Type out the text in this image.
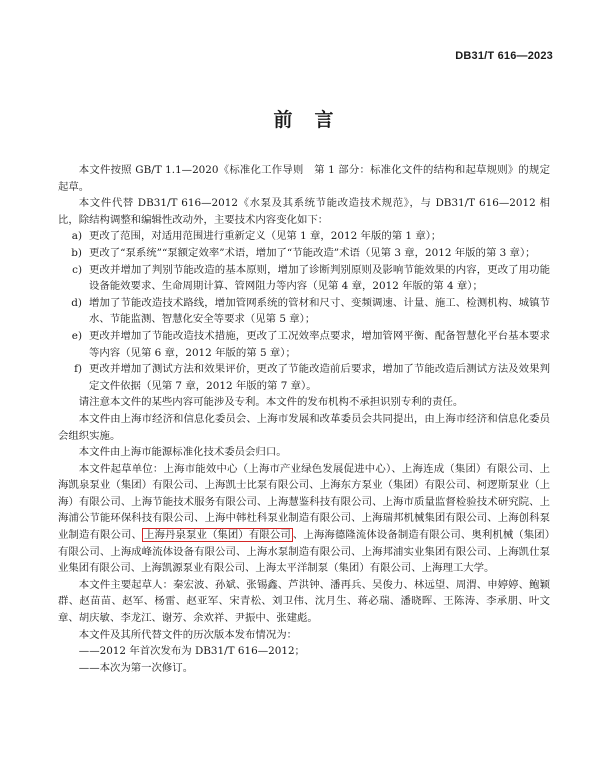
DB31/T 616—2023
前言

本文件按照 GB/T 1.1—2020《标准化工作导则　第 1 部分：标准化文件的结构和起草规则》的规定起草。

本文件代替 DB31/T 616—2012《水泵及其系统节能改造技术规范》，与 DB31/T 616—2012 相比，除结构调整和编辑性改动外，主要技术内容变化如下：

a) 更改了范围，对适用范围进行重新定义（见第 1 章，2012 年版的第 1 章）；

b) 更改了“泵系统”“泵额定效率”术语，增加了“节能改造”术语（见第 3 章，2012 年版的第 3 章）；

c) 更改并增加了判别节能改造的基本原则，增加了诊断判别原则及影响节能效果的内容，更改了用功能设备能效要求、生命周期计算、管网阻力等内容（见第 4 章，2012 年版的第 4 章）；

d) 增加了节能改造技术路线，增加管网系统的管材和尺寸、变频调速、计量、施工、检测机构、城镇节水、节能监测、智慧化安全等要求（见第 5 章）；

e) 更改并增加了节能改造技术措施，更改了工况效率点要求，增加管网平衡、配备智慧化平台基本要求等内容（见第 6 章，2012 年版的第 5 章）；

f) 更改并增加了测试方法和效果评价，更改了节能改造前后要求，增加了节能改造后测试方法及效果判定文件依据（见第 7 章，2012 年版的第 7 章）。

请注意本文件的某些内容可能涉及专利。本文件的发布机构不承担识别专利的责任。

本文件由上海市经济和信息化委员会、上海市发展和改革委员会共同提出，由上海市经济和信息化委员会组织实施。

本文件由上海市能源标准化技术委员会归口。

本文件起草单位：上海市能效中心（上海市产业绿色发展促进中心）、上海连成（集团）有限公司、上海凯泉泵业（集团）有限公司、上海凯士比泵有限公司、上海东方泵业（集团）有限公司、柯逻斯泵业（上海）有限公司、上海节能技术服务有限公司、上海慧鉴科技有限公司、上海市质量监督检验技术研究院、上海浦公节能环保科技有限公司、上海中韩杜科泵业制造有限公司、上海瑞邦机械集团有限公司、上海创科泵业制造有限公司、 上海丹泉泵业（集团）有限公司 、上海海德隆流体设备制造有限公司、奥利机械（集团）有限公司、上海成峰流体设备有限公司、上海水泵制造有限公司、上海邦浦实业集团有限公司、上海凯仕泵业集团有限公司、上海凯源泵业有限公司、上海太平洋制泵（集团）有限公司、上海理工大学。

本文件主要起草人：秦宏波、孙斌、张锡鑫、芦洪钟、潘再兵、吴俊力、林远望、周渭、申婷婷、鲍颖群、赵苗苗、赵军、杨雷、赵亚军、宋青松、刘卫伟、沈月生、蒋必瑞、潘晓晖、王陈涛、李承朋、叶文章、胡庆敏、李龙江、谢芳、余欢祥、尹振中、张建彪。

本文件及其所代替文件的历次版本发布情况为：

——2012 年首次发布为 DB31/T 616—2012；

——本次为第一次修订。
